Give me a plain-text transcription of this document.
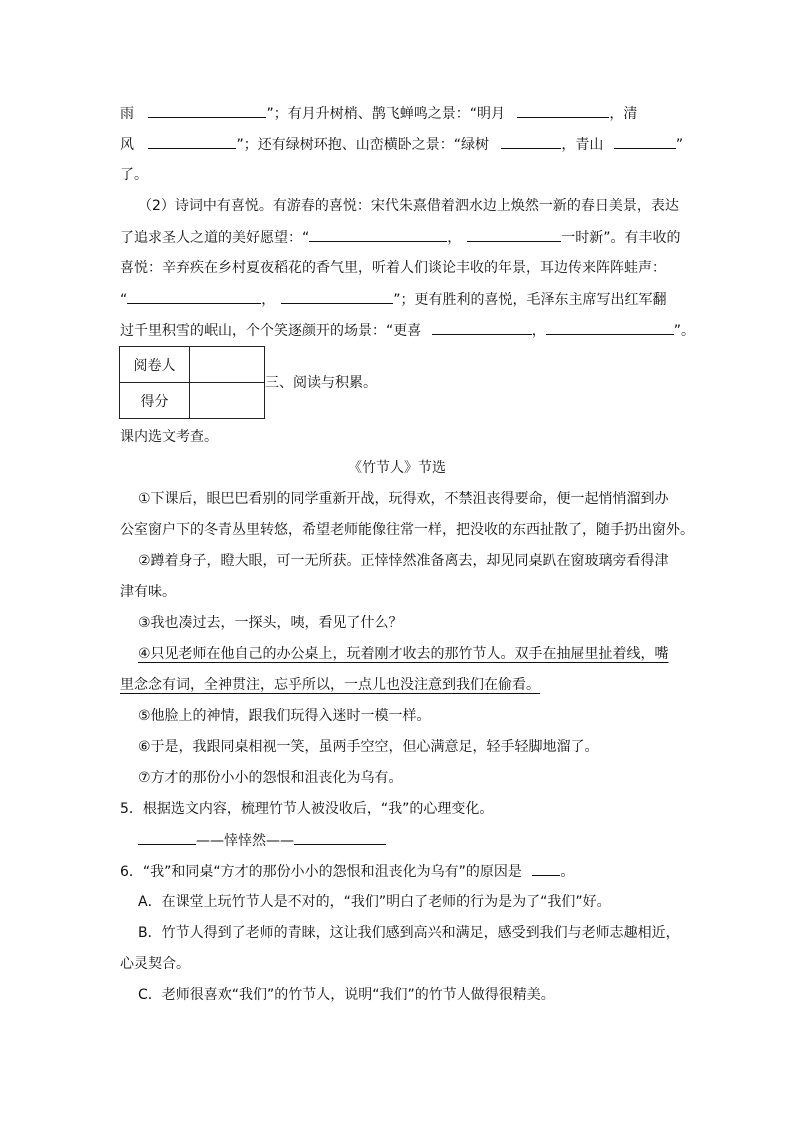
雨	”；有月升树梢、鹊飞蝉鸣之景：“明月	，清
风	”；还有绿树环抱、山峦横卧之景：“绿树	，青山	”
了。
（2）诗词中有喜悦。有游春的喜悦：宋代朱熹借着泗水边上焕然一新的春日美景，表达
了追求圣人之道的美好愿望：“	，	一时新”。有丰收的
喜悦：辛弃疾在乡村夏夜稻花的香气里，听着人们谈论丰收的年景，耳边传来阵阵蛙声：
“	，	”；更有胜利的喜悦，毛泽东主席写出红军翻
过千里积雪的岷山，个个笑逐颜开的场景：“更喜	，	”。
阅卷人	
得分	
三、阅读与积累。
课内选文考查。
《竹节人》节选
①下课后，眼巴巴看别的同学重新开战，玩得欢，不禁沮丧得要命，便一起悄悄溜到办
公室窗户下的冬青丛里转悠，希望老师能像往常一样，把没收的东西扯散了，随手扔出窗外。
②蹲着身子，瞪大眼，可一无所获。正悻悻然准备离去，却见同桌趴在窗玻璃旁看得津
津有味。
③我也凑过去，一探头，咦，看见了什么？
④只见老师在他自己的办公桌上，玩着刚才收去的那竹节人。双手在抽屉里扯着线，嘴
里念念有词，全神贯注，忘乎所以，一点儿也没注意到我们在偷看。
⑤他脸上的神情，跟我们玩得入迷时一模一样。
⑥于是，我跟同桌相视一笑，虽两手空空，但心满意足，轻手轻脚地溜了。
⑦方才的那份小小的怨恨和沮丧化为乌有。
5．根据选文内容，梳理竹节人被没收后，“我”的心理变化。
——悻悻然——
6．“我”和同桌“方才的那份小小的怨恨和沮丧化为乌有”的原因是	。
A．在课堂上玩竹节人是不对的，“我们”明白了老师的行为是为了“我们”好。
B．竹节人得到了老师的青睐，这让我们感到高兴和满足，感受到我们与老师志趣相近，
心灵契合。
C．老师很喜欢“我们”的竹节人，说明“我们”的竹节人做得很精美。
